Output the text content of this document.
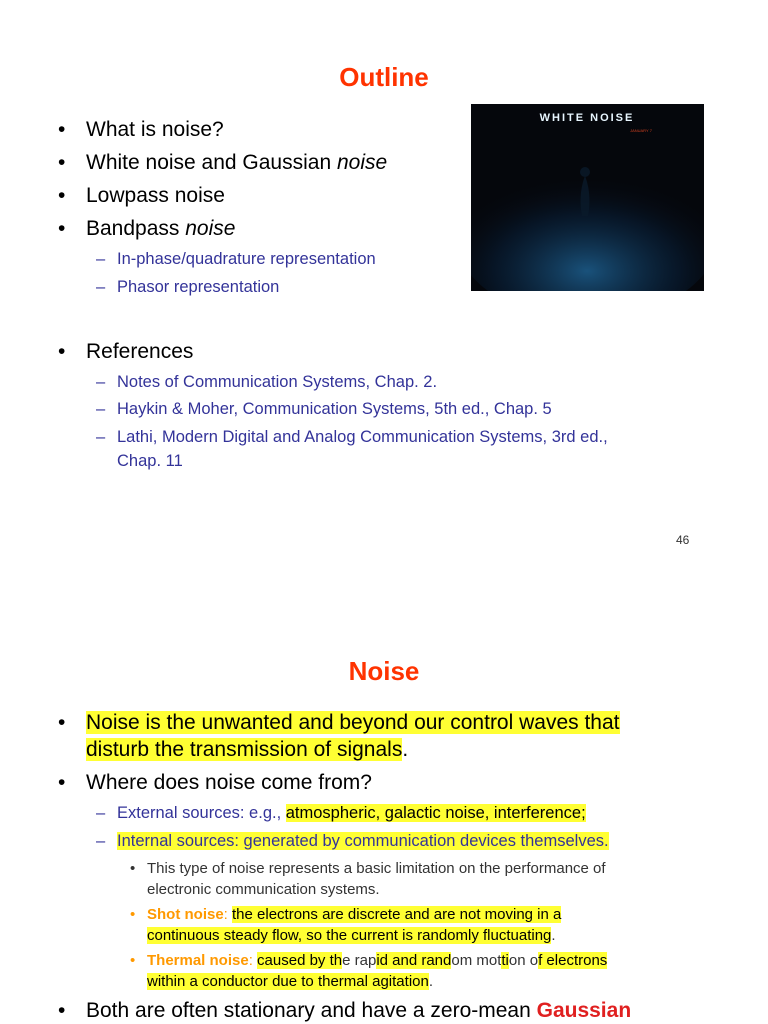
Outline
• What is noise?
• White noise and Gaussian noise
• Lowpass noise
• Bandpass noise
– In-phase/quadrature representation
– Phasor representation
WHITE NOISE
JANUARY 7
• References
– Notes of Communication Systems, Chap. 2.
– Haykin & Moher, Communication Systems, 5th ed., Chap. 5
– Lathi, Modern Digital and Analog Communication Systems, 3rd ed.,
Chap. 11
46
Noise
• Noise is the unwanted and beyond our control waves that
disturb the transmission of signals.
• Where does noise come from?
– External sources: e.g., atmospheric, galactic noise, interference;
– Internal sources: generated by communication devices themselves.
• This type of noise represents a basic limitation on the performance of
electronic communication systems.
• Shot noise: the electrons are discrete and are not moving in a
continuous steady flow, so the current is randomly fluctuating.
• Thermal noise: caused by the rapid and random mottion of electrons
within a conductor due to thermal agitation.
• Both are often stationary and have a zero-mean Gaussian
